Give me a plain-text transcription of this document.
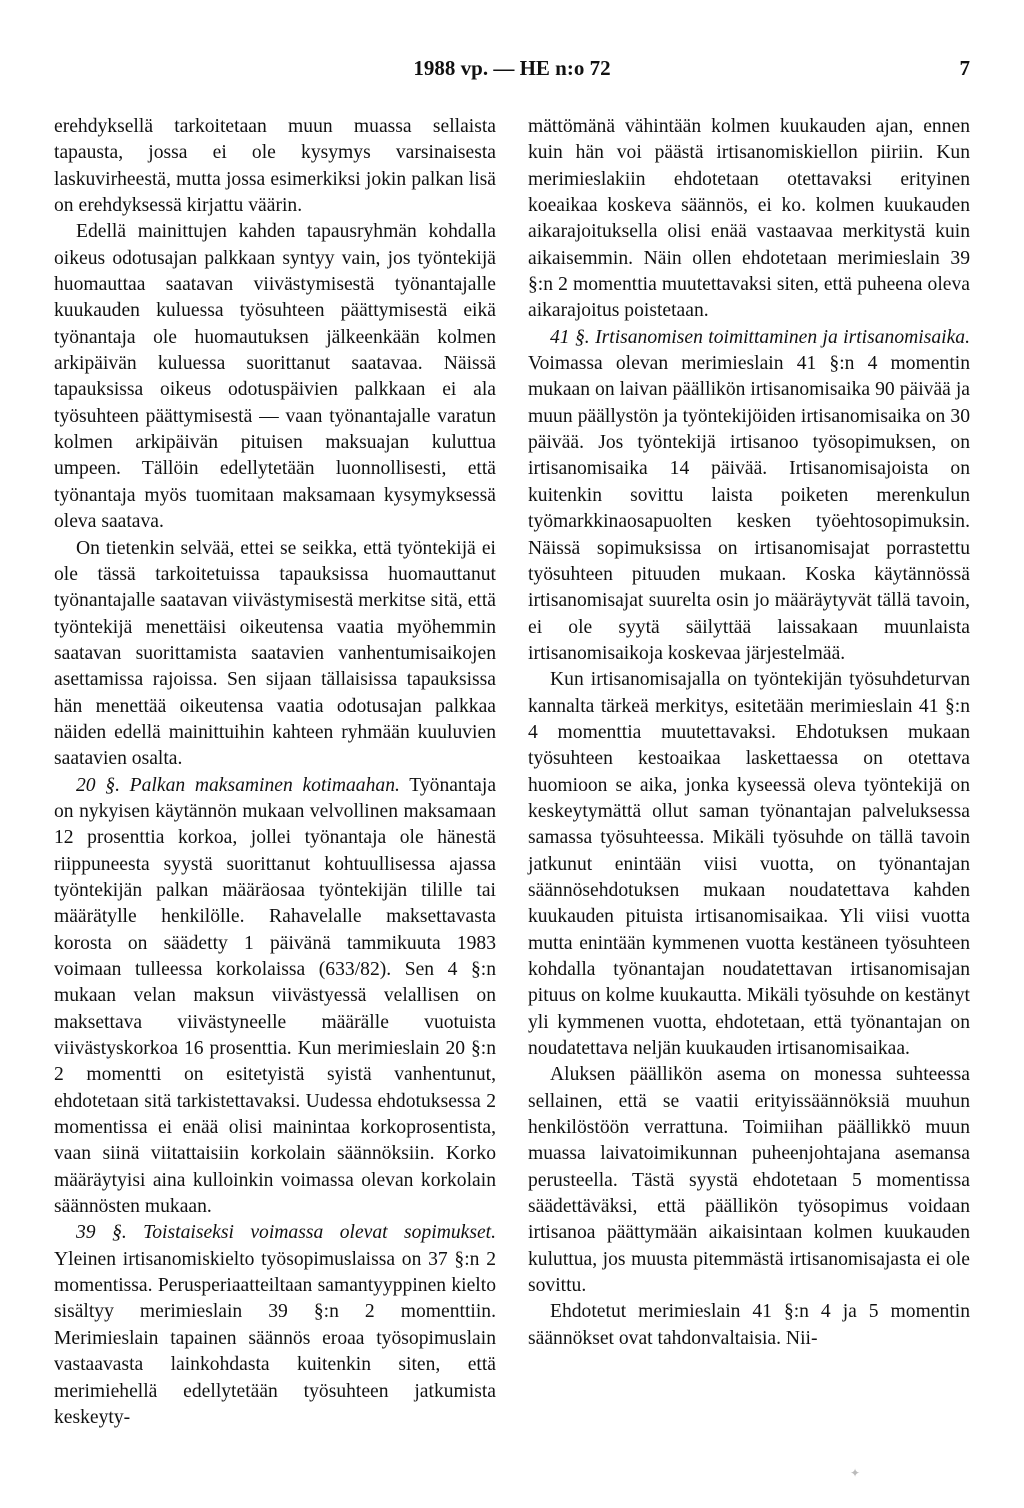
1988 vp. — HE n:o 72	7

erehdyksellä tarkoitetaan muun muassa sellaista tapausta, jossa ei ole kysymys varsinaisesta laskuvirheestä, mutta jossa esimerkiksi jokin palkan lisä on erehdyksessä kirjattu väärin.

Edellä mainittujen kahden tapausryhmän kohdalla oikeus odotusajan palkkaan syntyy vain, jos työntekijä huomauttaa saatavan viivästymisestä työnantajalle kuukauden kuluessa työsuhteen päättymisestä eikä työnantaja ole huomautuksen jälkeenkään kolmen arkipäivän kuluessa suorittanut saatavaa. Näissä tapauksissa oikeus odotuspäivien palkkaan ei ala työsuhteen päättymisestä — vaan työnantajalle varatun kolmen arkipäivän pituisen maksuajan kuluttua umpeen. Tällöin edellytetään luonnollisesti, että työnantaja myös tuomitaan maksamaan kysymyksessä oleva saatava.

On tietenkin selvää, ettei se seikka, että työntekijä ei ole tässä tarkoitetuissa tapauksissa huomauttanut työnantajalle saatavan viivästymisestä merkitse sitä, että työntekijä menettäisi oikeutensa vaatia myöhemmin saatavan suorittamista saatavien vanhentumisaikojen asettamissa rajoissa. Sen sijaan tällaisissa tapauksissa hän menettää oikeutensa vaatia odotusajan palkkaa näiden edellä mainittuihin kahteen ryhmään kuuluvien saatavien osalta.

20 §. Palkan maksaminen kotimaahan. Työnantaja on nykyisen käytännön mukaan velvollinen maksamaan 12 prosenttia korkoa, jollei työnantaja ole hänestä riippuneesta syystä suorittanut kohtuullisessa ajassa työntekijän palkan määräosaa työntekijän tilille tai määrätylle henkilölle. Rahavelalle maksettavasta korosta on säädetty 1 päivänä tammikuuta 1983 voimaan tulleessa korkolaissa (633/82). Sen 4 §:n mukaan velan maksun viivästyessä velallisen on maksettava viivästyneelle määrälle vuotuista viivästyskorkoa 16 prosenttia. Kun merimieslain 20 §:n 2 momentti on esitetyistä syistä vanhentunut, ehdotetaan sitä tarkistettavaksi. Uudessa ehdotuksessa 2 momentissa ei enää olisi mainintaa korkoprosentista, vaan siinä viitattaisiin korkolain säännöksiin. Korko määräytyisi aina kulloinkin voimassa olevan korkolain säännösten mukaan.

39 §. Toistaiseksi voimassa olevat sopimukset. Yleinen irtisanomiskielto työsopimuslaissa on 37 §:n 2 momentissa. Perusperiaatteiltaan samantyyppinen kielto sisältyy merimieslain 39 §:n 2 momenttiin. Merimieslain tapainen säännös eroaa työsopimuslain vastaavasta lainkohdasta kuitenkin siten, että merimiehellä edellytetään työsuhteen jatkumista keskeyty-

mättömänä vähintään kolmen kuukauden ajan, ennen kuin hän voi päästä irtisanomiskiellon piiriin. Kun merimieslakiin ehdotetaan otettavaksi erityinen koeaikaa koskeva säännös, ei ko. kolmen kuukauden aikarajoituksella olisi enää vastaavaa merkitystä kuin aikaisemmin. Näin ollen ehdotetaan merimieslain 39 §:n 2 momenttia muutettavaksi siten, että puheena oleva aikarajoitus poistetaan.

41 §. Irtisanomisen toimittaminen ja irtisanomisaika. Voimassa olevan merimieslain 41 §:n 4 momentin mukaan on laivan päällikön irtisanomisaika 90 päivää ja muun päällystön ja työntekijöiden irtisanomisaika on 30 päivää. Jos työntekijä irtisanoo työsopimuksen, on irtisanomisaika 14 päivää. Irtisanomisajoista on kuitenkin sovittu laista poiketen merenkulun työmarkkinaosapuolten kesken työehtosopimuksin. Näissä sopimuksissa on irtisanomisajat porrastettu työsuhteen pituuden mukaan. Koska käytännössä irtisanomisajat suurelta osin jo määräytyvät tällä tavoin, ei ole syytä säilyttää laissakaan muunlaista irtisanomisaikoja koskevaa järjestelmää.

Kun irtisanomisajalla on työntekijän työsuhdeturvan kannalta tärkeä merkitys, esitetään merimieslain 41 §:n 4 momenttia muutettavaksi. Ehdotuksen mukaan työsuhteen kestoaikaa laskettaessa on otettava huomioon se aika, jonka kyseessä oleva työntekijä on keskeytymättä ollut saman työnantajan palveluksessa samassa työsuhteessa. Mikäli työsuhde on tällä tavoin jatkunut enintään viisi vuotta, on työnantajan säännösehdotuksen mukaan noudatettava kahden kuukauden pituista irtisanomisaikaa. Yli viisi vuotta mutta enintään kymmenen vuotta kestäneen työsuhteen kohdalla työnantajan noudatettavan irtisanomisajan pituus on kolme kuukautta. Mikäli työsuhde on kestänyt yli kymmenen vuotta, ehdotetaan, että työnantajan on noudatettava neljän kuukauden irtisanomisaikaa.

Aluksen päällikön asema on monessa suhteessa sellainen, että se vaatii erityissäännöksiä muuhun henkilöstöön verrattuna. Toimiihan päällikkö muun muassa laivatoimikunnan puheenjohtajana asemansa perusteella. Tästä syystä ehdotetaan 5 momentissa säädettäväksi, että päällikön työsopimus voidaan irtisanoa päättymään aikaisintaan kolmen kuukauden kuluttua, jos muusta pitemmästä irtisanomisajasta ei ole sovittu.

Ehdotetut merimieslain 41 §:n 4 ja 5 momentin säännökset ovat tahdonvaltaisia. Nii-

✦
